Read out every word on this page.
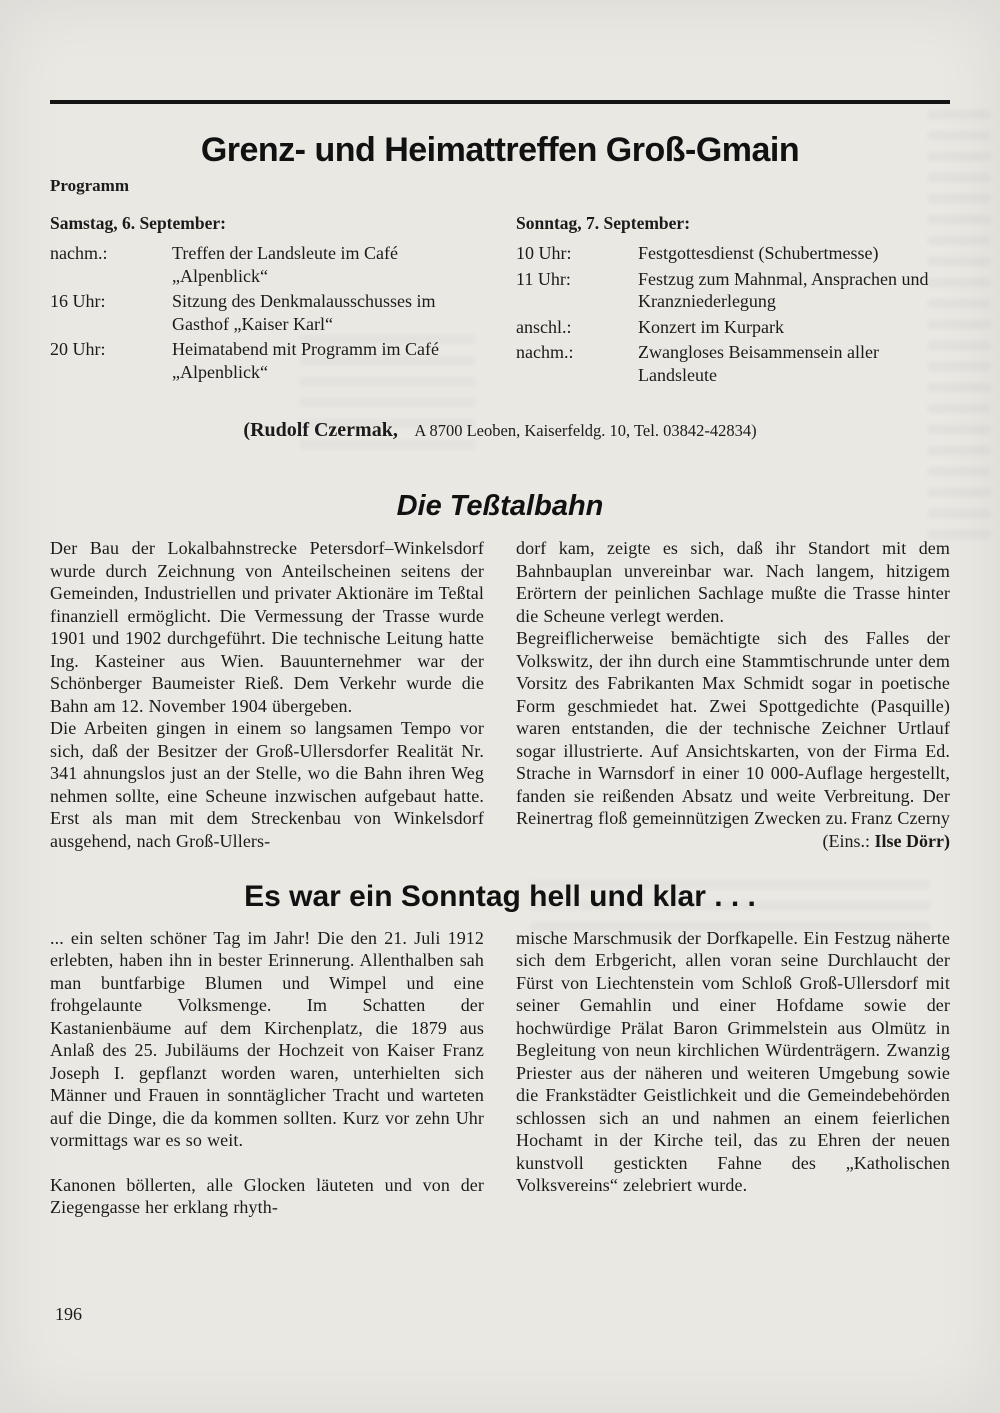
Grenz- und Heimattreffen Groß-Gmain
Programm
Samstag, 6. September:
nachm.:	Treffen der Landsleute im Café „Alpenblick“
16 Uhr:	Sitzung des Denkmalausschusses im Gasthof „Kaiser Karl“
20 Uhr:	Heimatabend mit Programm im Café „Alpenblick“
Sonntag, 7. September:
10 Uhr:	Festgottesdienst (Schubertmesse)
11 Uhr:	Festzug zum Mahnmal, Ansprachen und Kranzniederlegung
anschl.:	Konzert im Kurpark
nachm.:	Zwangloses Beisammensein aller Landsleute
(Rudolf Czermak, A 8700 Leoben, Kaiserfeldg. 10, Tel. 03842-42834)
Die Teßtalbahn

Der Bau der Lokalbahnstrecke Petersdorf–Winkelsdorf wurde durch Zeichnung von Anteilscheinen seitens der Gemeinden, Industriellen und privater Aktionäre im Teßtal finanziell ermöglicht. Die Vermessung der Trasse wurde 1901 und 1902 durchgeführt. Die technische Leitung hatte Ing. Kasteiner aus Wien. Bauunternehmer war der Schönberger Baumeister Rieß. Dem Verkehr wurde die Bahn am 12. November 1904 übergeben.

Die Arbeiten gingen in einem so langsamen Tempo vor sich, daß der Besitzer der Groß-Ullersdorfer Realität Nr. 341 ahnungslos just an der Stelle, wo die Bahn ihren Weg nehmen sollte, eine Scheune inzwischen aufgebaut hatte. Erst als man mit dem Streckenbau von Winkelsdorf ausgehend, nach Groß-Ullers-

dorf kam, zeigte es sich, daß ihr Standort mit dem Bahnbauplan unvereinbar war. Nach langem, hitzigem Erörtern der peinlichen Sachlage mußte die Trasse hinter die Scheune verlegt werden.

Begreiflicherweise bemächtigte sich des Falles der Volkswitz, der ihn durch eine Stammtischrunde unter dem Vorsitz des Fabrikanten Max Schmidt sogar in poetische Form geschmiedet hat. Zwei Spottgedichte (Pasquille) waren entstanden, die der technische Zeichner Urtlauf sogar illustrierte. Auf Ansichtskarten, von der Firma Ed. Strache in Warnsdorf in einer 10 000-Auflage hergestellt, fanden sie reißenden Absatz und weite Verbreitung. Der Reinertrag floß gemeinnützigen Zwecken zu. Franz Czerny

(Eins.: Ilse Dörr)
Es war ein Sonntag hell und klar . . .

... ein selten schöner Tag im Jahr! Die den 21. Juli 1912 erlebten, haben ihn in bester Erinnerung. Allenthalben sah man buntfarbige Blumen und Wimpel und eine frohgelaunte Volksmenge. Im Schatten der Kastanienbäume auf dem Kirchenplatz, die 1879 aus Anlaß des 25. Jubiläums der Hochzeit von Kaiser Franz Joseph I. gepflanzt worden waren, unterhielten sich Männer und Frauen in sonntäglicher Tracht und warteten auf die Dinge, die da kommen sollten. Kurz vor zehn Uhr vormittags war es so weit.

Kanonen böllerten, alle Glocken läuteten und von der Ziegengasse her erklang rhyth-

mische Marschmusik der Dorfkapelle. Ein Festzug näherte sich dem Erbgericht, allen voran seine Durchlaucht der Fürst von Liechtenstein vom Schloß Groß-Ullersdorf mit seiner Gemahlin und einer Hofdame sowie der hochwürdige Prälat Baron Grimmelstein aus Olmütz in Begleitung von neun kirchlichen Würdenträgern. Zwanzig Priester aus der näheren und weiteren Umgebung sowie die Frankstädter Geistlichkeit und die Gemeindebehörden schlossen sich an und nahmen an einem feierlichen Hochamt in der Kirche teil, das zu Ehren der neuen kunstvoll gestickten Fahne des „Katholischen Volksvereins“ zelebriert wurde.

196
